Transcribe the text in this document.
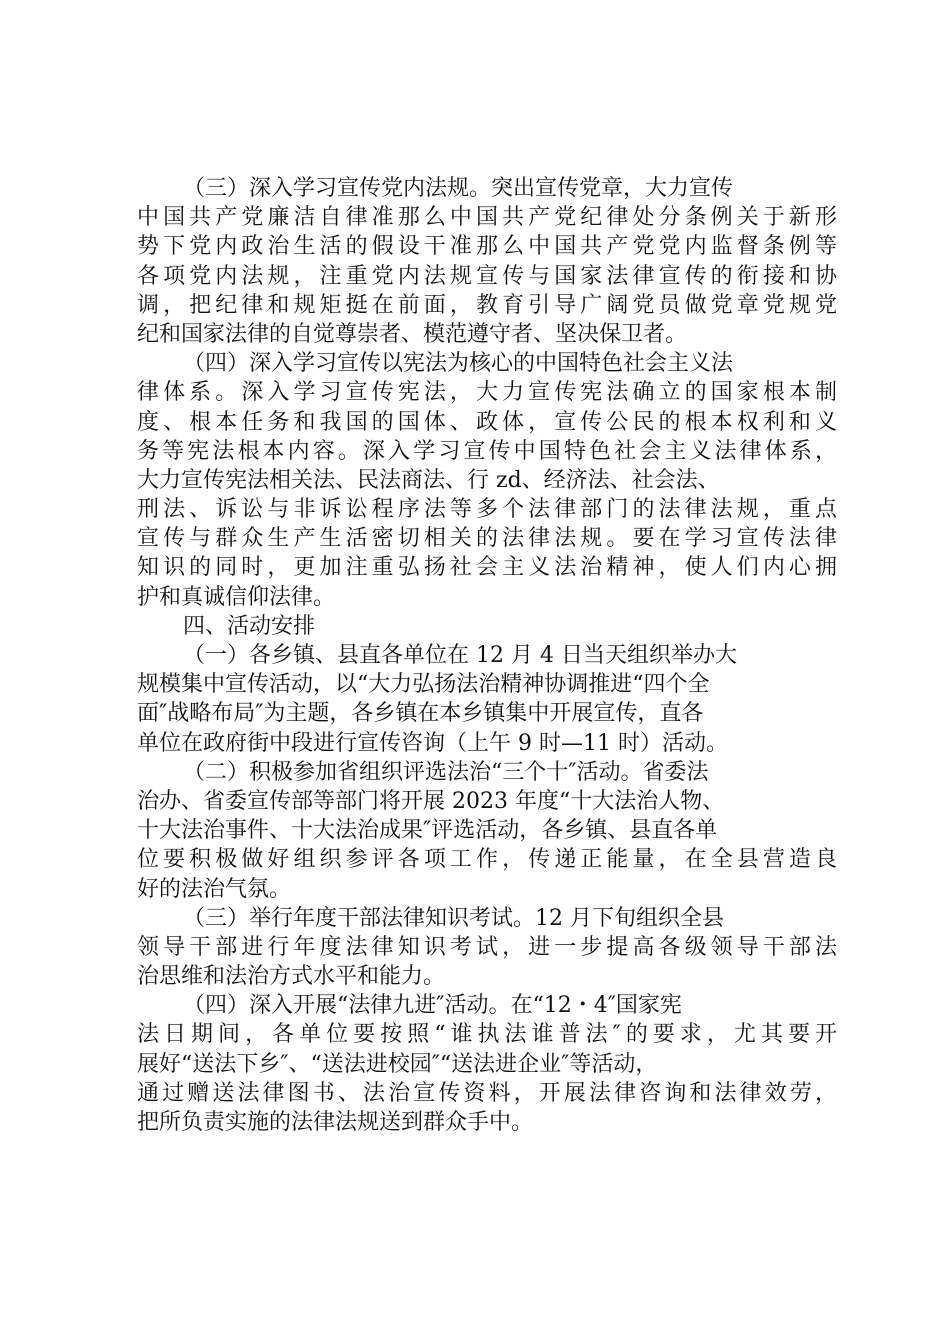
（三）深入学习宣传党内法规。突出宣传党章，大力宣传
中国共产党廉洁自律准那么中国共产党纪律处分条例关于新形
势下党内政治生活的假设干准那么中国共产党党内监督条例等
各项党内法规，注重党内法规宣传与国家法律宣传的衔接和协
调，把纪律和规矩挺在前面，教育引导广阔党员做党章党规党
纪和国家法律的自觉尊崇者、模范遵守者、坚决保卫者。
（四）深入学习宣传以宪法为核心的中国特色社会主义法
律体系。深入学习宣传宪法，大力宣传宪法确立的国家根本制
度、根本任务和我国的国体、政体，宣传公民的根本权利和义
务等宪法根本内容。深入学习宣传中国特色社会主义法律体系，
大力宣传宪法相关法、民法商法、行 zd、经济法、社会法、
刑法、诉讼与非诉讼程序法等多个法律部门的法律法规，重点
宣传与群众生产生活密切相关的法律法规。要在学习宣传法律
知识的同时，更加注重弘扬社会主义法治精神，使人们内心拥
护和真诚信仰法律。
四、活动安排
（一）各乡镇、县直各单位在 12 月 4 日当天组织举办大
规模集中宣传活动，以“大力弘扬法治精神协调推进“四个全
面″战略布局″为主题，各乡镇在本乡镇集中开展宣传，直各
单位在政府街中段进行宣传咨询（上午 9 时—11 时）活动。
（二）积极参加省组织评选法治“三个十″活动。省委法
治办、省委宣传部等部门将开展 2023 年度“十大法治人物、
十大法治事件、十大法治成果″评选活动，各乡镇、县直各单
位要积极做好组织参评各项工作，传递正能量，在全县营造良
好的法治气氛。
（三）举行年度干部法律知识考试。12 月下旬组织全县
领导干部进行年度法律知识考试，进一步提高各级领导干部法
治思维和法治方式水平和能力。
（四）深入开展“法律九进″活动。在“12・4″国家宪
法日期间，各单位要按照“谁执法谁普法″的要求，尤其要开
展好“送法下乡″、“送法进校园″“送法进企业″等活动，
通过赠送法律图书、法治宣传资料，开展法律咨询和法律效劳，
把所负责实施的法律法规送到群众手中。
